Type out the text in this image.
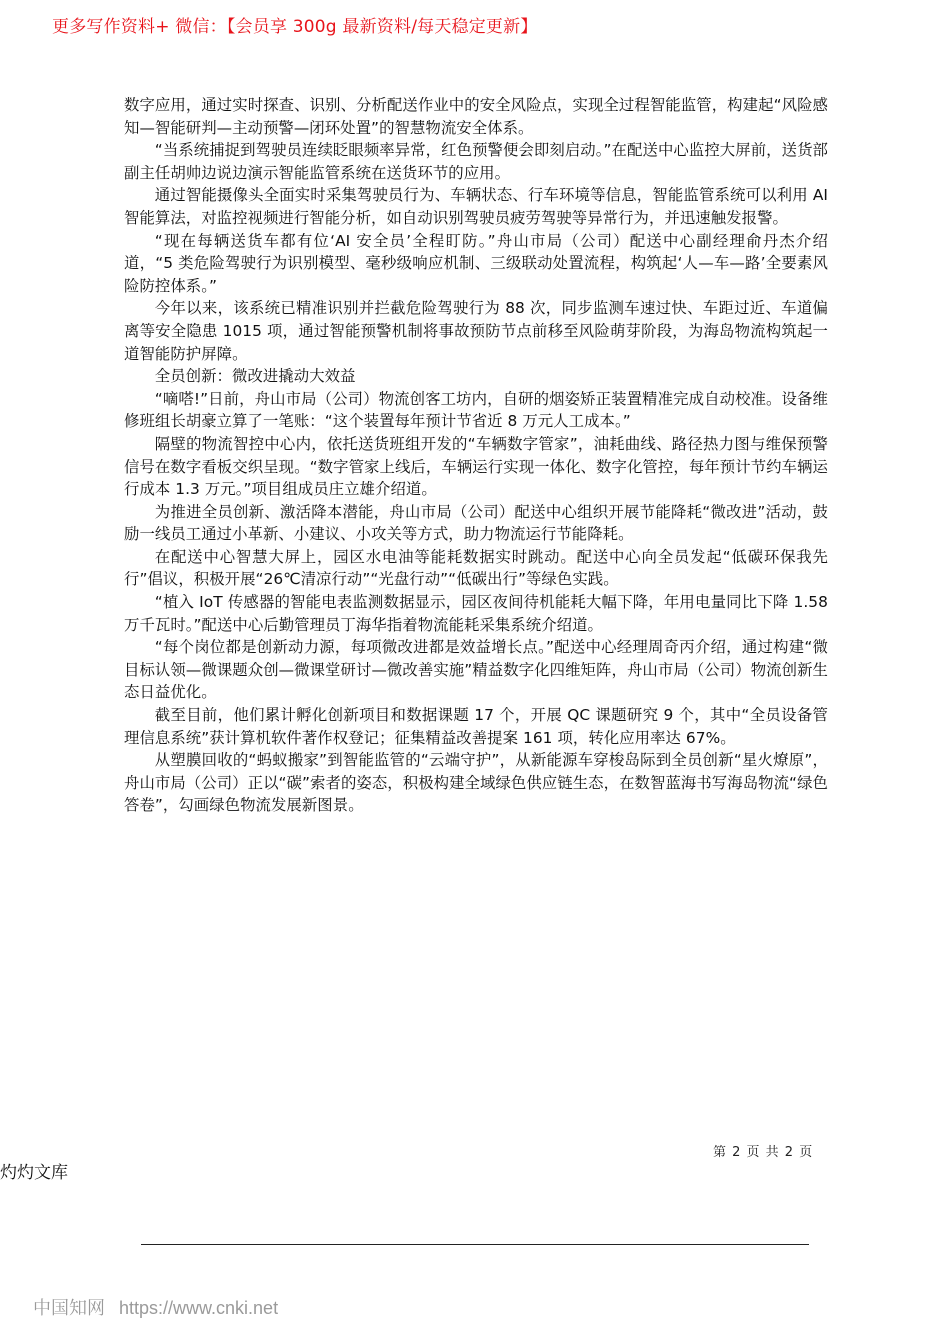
更多写作资料+ 微信：【会员享 300g 最新资料/每天稳定更新】

数字应用，通过实时探查、识别、分析配送作业中的安全风险点，实现全过程智能监管，构建起“风险感知—智能研判—主动预警—闭环处置”的智慧物流安全体系。

“当系统捕捉到驾驶员连续眨眼频率异常，红色预警便会即刻启动。”在配送中心监控大屏前，送货部副主任胡帅边说边演示智能监管系统在送货环节的应用。

通过智能摄像头全面实时采集驾驶员行为、车辆状态、行车环境等信息，智能监管系统可以利用 AI 智能算法，对监控视频进行智能分析，如自动识别驾驶员疲劳驾驶等异常行为，并迅速触发报警。

“现在每辆送货车都有位‘AI 安全员’全程盯防。”舟山市局（公司）配送中心副经理俞丹杰介绍道，“5 类危险驾驶行为识别模型、毫秒级响应机制、三级联动处置流程，构筑起‘人—车—路’全要素风险防控体系。”

今年以来，该系统已精准识别并拦截危险驾驶行为 88 次，同步监测车速过快、车距过近、车道偏离等安全隐患 1015 项，通过智能预警机制将事故预防节点前移至风险萌芽阶段，为海岛物流构筑起一道智能防护屏障。

全员创新：微改进撬动大效益

“嘀嗒!”日前，舟山市局（公司）物流创客工坊内，自研的烟姿矫正装置精准完成自动校准。设备维修班组长胡豪立算了一笔账：“这个装置每年预计节省近 8 万元人工成本。”

隔壁的物流智控中心内，依托送货班组开发的“车辆数字管家”，油耗曲线、路径热力图与维保预警信号在数字看板交织呈现。“数字管家上线后，车辆运行实现一体化、数字化管控，每年预计节约车辆运行成本 1.3 万元。”项目组成员庄立雄介绍道。

为推进全员创新、激活降本潜能，舟山市局（公司）配送中心组织开展节能降耗“微改进”活动，鼓励一线员工通过小革新、小建议、小攻关等方式，助力物流运行节能降耗。

在配送中心智慧大屏上，园区水电油等能耗数据实时跳动。配送中心向全员发起“低碳环保我先行”倡议，积极开展“26℃清凉行动”“光盘行动”“低碳出行”等绿色实践。

“植入 IoT 传感器的智能电表监测数据显示，园区夜间待机能耗大幅下降，年用电量同比下降 1.58 万千瓦时。”配送中心后勤管理员丁海华指着物流能耗采集系统介绍道。

“每个岗位都是创新动力源，每项微改进都是效益增长点。”配送中心经理周奇丙介绍，通过构建“微目标认领—微课题众创—微课堂研讨—微改善实施”精益数字化四维矩阵，舟山市局（公司）物流创新生态日益优化。

截至目前，他们累计孵化创新项目和数据课题 17 个，开展 QC 课题研究 9 个，其中“全员设备管理信息系统”获计算机软件著作权登记；征集精益改善提案 161 项，转化应用率达 67%。

从塑膜回收的“蚂蚁搬家”到智能监管的“云端守护”，从新能源车穿梭岛际到全员创新“星火燎原”，舟山市局（公司）正以“碳”索者的姿态，积极构建全域绿色供应链生态，在数智蓝海书写海岛物流“绿色答卷”，勾画绿色物流发展新图景。

第 2 页 共 2 页
灼灼文库
中国知网 https://www.cnki.net
